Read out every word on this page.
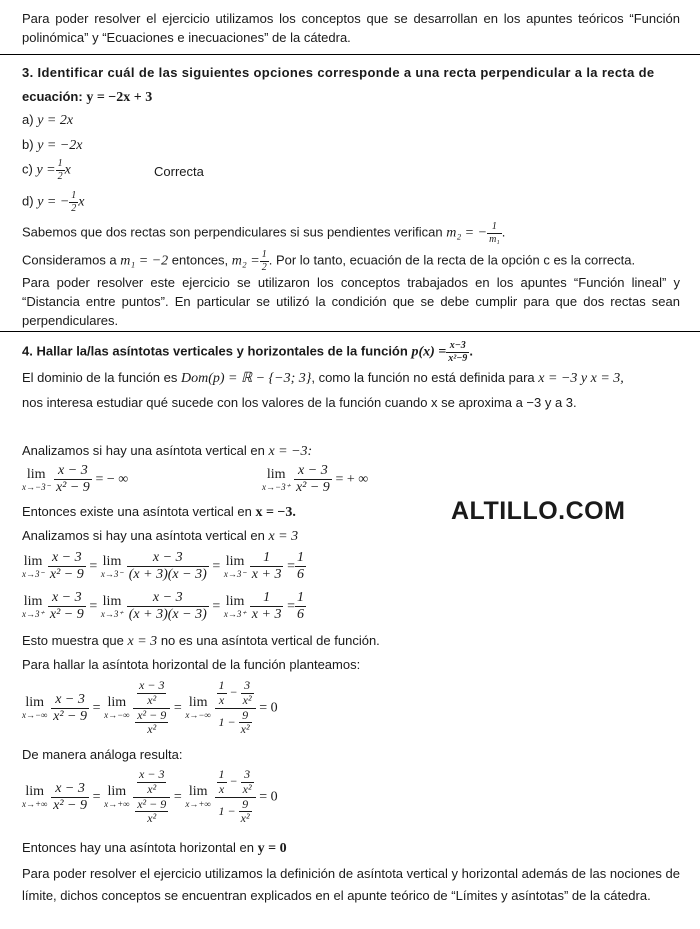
Para poder resolver el ejercicio utilizamos los conceptos que se desarrollan en los apuntes teóricos “Función polinómica” y “Ecuaciones e inecuaciones” de la cátedra.
3. Identificar cuál de las siguientes opciones corresponde a una recta perpendicular a la recta de
ecuación: y = −2x + 3
a) y = 2x
b) y = −2x
c) $y = \frac{1}{2}$ x	Correcta
d) y = − $\frac{1}{2}$ x
Sabemos que dos rectas son perpendiculares si sus pendientes verifican m₂ = − $\frac{1}{\text{m₁}}$ .
Consideramos a m₁ = −2 entonces, $m_2 = \frac{1}{2}$ . Por lo tanto, ecuación de la recta de la opción c es la correcta.
Para poder resolver este ejercicio se utilizaron los conceptos trabajados en los apuntes “Función lineal” y “Distancia entre puntos”. En particular se utilizó la condición que se debe cumplir para que dos rectas sean perpendiculares.
4. Hallar la/las asíntotas verticales y horizontales de la función $p(x) = \frac{x-3}{\text{x²−9}}$ .
El dominio de la función es Dom(p) = ℝ − {−3; 3}, como la función no está definida para x = −3 y x = 3,
nos interesa estudiar qué sucede con los valores de la función cuando x se aproxima a −3 y a 3.
Analizamos si hay una asíntota vertical en x = −3:
lim
x→−3⁻
$\frac{x - 3}{\text{x² − 9}}$ = − ∞	lim
x→−3⁺
$\frac{x - 3}{\text{x² − 9}}$ = + ∞
Entonces existe una asíntota vertical en x = −3.	ALTILLO.COM
Analizamos si hay una asíntota vertical en x = 3
lim
x→3⁻
$\frac{x - 3}{\text{x² − 9}} = \lim$
x→3⁻
$\frac{x - 3}{(x + 3)(x - 3)} = \lim$
x→3⁻
$\frac{1}{x + 3} = \frac{1}{6}$
lim
x→3⁺
$\frac{x - 3}{\text{x² − 9}} = \lim$
x→3⁺
$\frac{x - 3}{(x + 3)(x - 3)} = \lim$
x→3⁺
$\frac{1}{x + 3} = \frac{1}{6}$
Esto muestra que x = 3 no es una asíntota vertical de función.
Para hallar la asíntota horizontal de la función planteamos:
lim
x→−∞
$\frac{x - 3}{\text{x² − 9}} = \lim$
x→−∞
$\frac{\frac{x - 3}{\text{x²}}}{\frac{\text{x² − 9}}{\text{x²}}} = \lim$
x→−∞
$\frac{\frac{1}{x} - \frac{3}{\text{x²}}}{1 - \frac{9}{\text{x²}}} = 0$
De manera análoga resulta:
lim
x→+∞
$\frac{x - 3}{\text{x² − 9}} = \lim$
x→+∞
$\frac{\frac{x - 3}{\text{x²}}}{\frac{\text{x² − 9}}{\text{x²}}} = \lim$
x→+∞
$\frac{\frac{1}{x} - \frac{3}{\text{x²}}}{1 - \frac{9}{\text{x²}}} = 0$
Entonces hay una asíntota horizontal en y = 0
Para poder resolver el ejercicio utilizamos la definición de asíntota vertical y horizontal además de las nociones de límite, dichos conceptos se encuentran explicados en el apunte teórico de “Límites y asíntotas” de la cátedra.
